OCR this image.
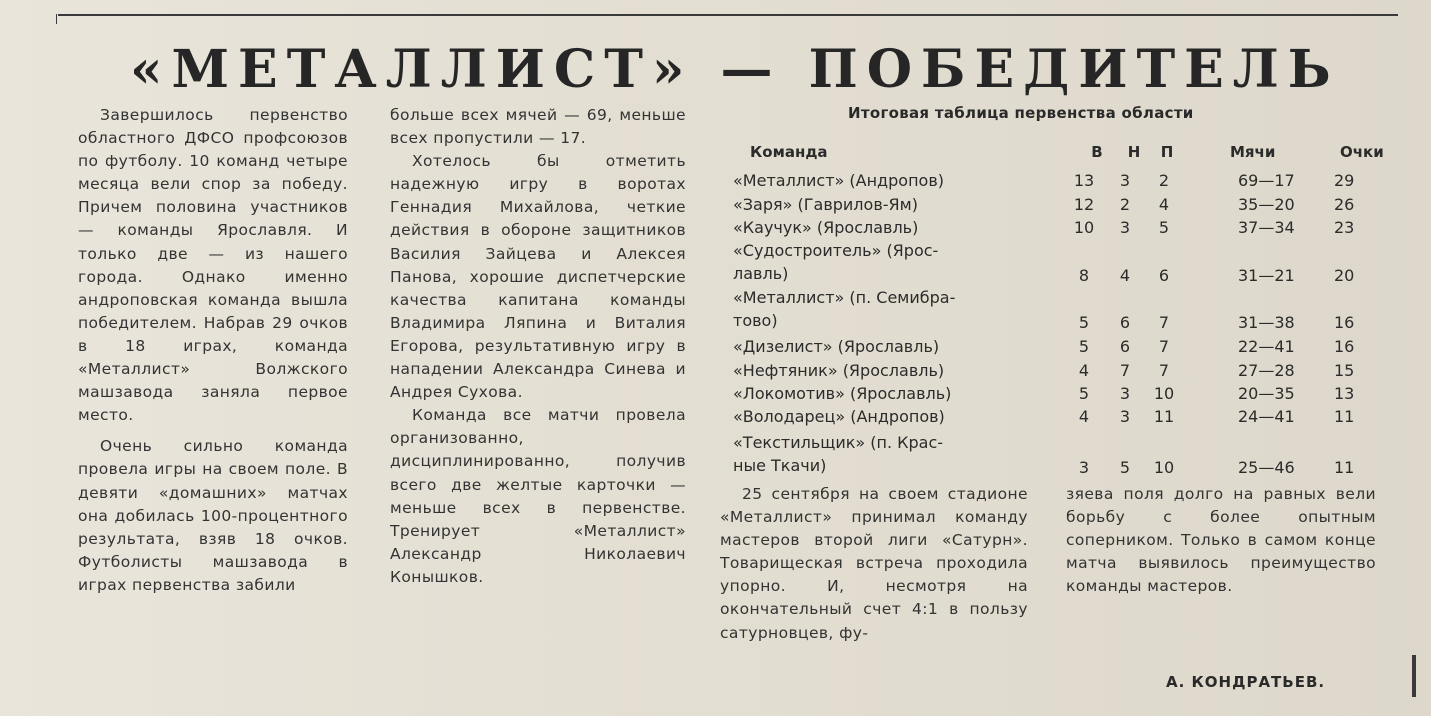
«МЕТАЛЛИСТ» — ПОБЕДИТЕЛЬ

Завершилось первенство областного ДФСО профсоюзов по футболу. 10 команд четыре месяца вели спор за победу. Причем половина участников — команды Ярославля. И только две — из нашего города. Однако именно андроповская команда вышла победителем. Набрав 29 очков в 18 играх, команда «Металлист» Волжского машзавода заняла первое место.

Очень сильно команда провела игры на своем поле. В девяти «домашних» матчах она добилась 100-процентного результата, взяв 18 очков. Футболисты машзавода в играх первенства забили

больше всех мячей — 69, меньше всех пропустили — 17.

Хотелось бы отметить надежную игру в воротах Геннадия Михайлова, четкие действия в обороне защитников Василия Зайцева и Алексея Панова, хорошие диспетчерские качества капитана команды Владимира Ляпина и Виталия Егорова, результативную игру в нападении Александра Синева и Андрея Сухова.

Команда все матчи провела организованно, дисциплинированно, получив всего две желтые карточки — меньше всех в первенстве. Тренирует «Металлист» Александр Николаевич Конышков.

Итоговая таблица первенства области
Команда	В	Н	П	Мячи	Очки
«Металлист» (Андропов)	13	3	2	69—17 29
«Заря» (Гаврилов-Ям)	12	2	4	35—20 26
«Каучук» (Ярославль)	10	3	5	37—34 23
«Судостроитель» (Ярос-
лавль)	8	4	6	31—21 20
«Металлист» (п. Семибра-
тово)	5	6	7	31—38 16
«Дизелист» (Ярославль)	5	6	7	22—41 16
«Нефтяник» (Ярославль)	4	7	7	27—28 15
«Локомотив» (Ярославль)	5	3	10	20—35 13
«Володарец» (Андропов)	4	3	11	24—41 11
«Текстильщик» (п. Крас-
ные Ткачи)	3	5	10	25—46 11

25 сентября на своем стадионе «Металлист» принимал команду мастеров второй лиги «Сатурн». Товарищеская встреча проходила упорно. И, несмотря на окончательный счет 4:1 в пользу сатурновцев, фу-

зяева поля долго на равных вели борьбу с более опытным соперником. Только в самом конце матча выявилось преимущество команды мастеров.

А. КОНДРАТЬЕВ.
